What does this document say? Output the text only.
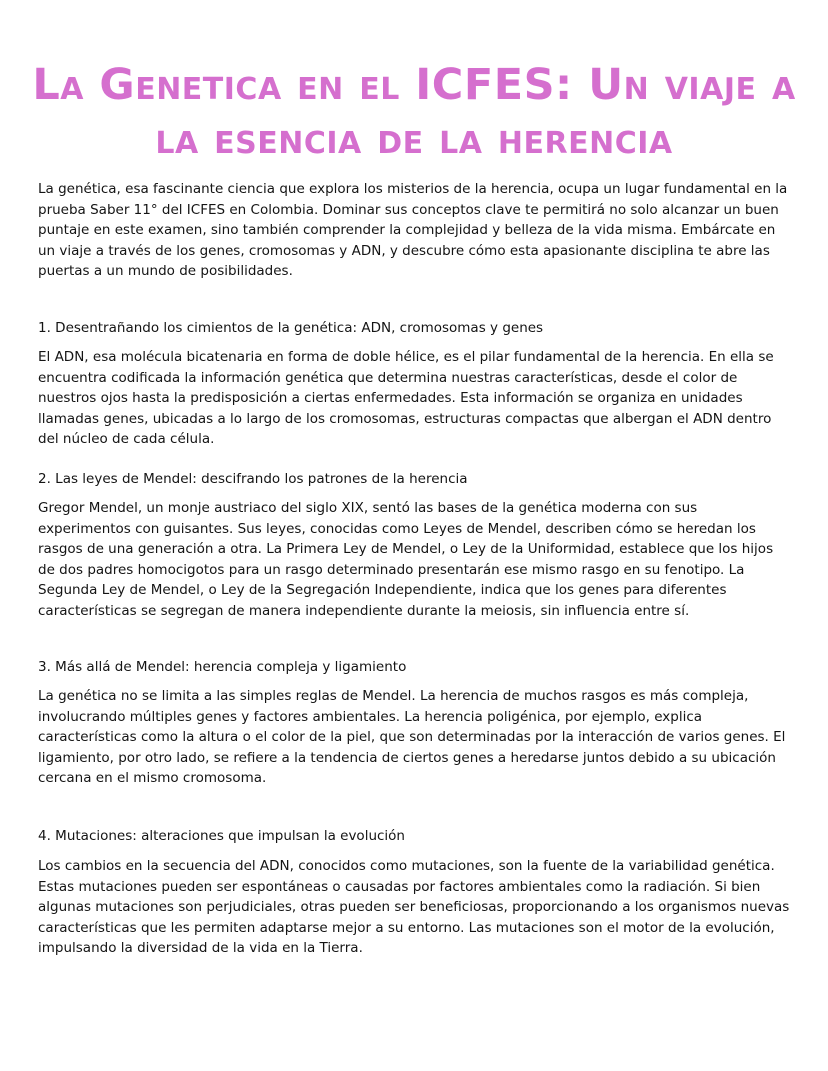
La Genetica en el ICFES: Un viaje a la esencia de la herencia

La genética, esa fascinante ciencia que explora los misterios de la herencia, ocupa un lugar fundamental en la prueba Saber 11° del ICFES en Colombia. Dominar sus conceptos clave te permitirá no solo alcanzar un buen puntaje en este examen, sino también comprender la complejidad y belleza de la vida misma. Embárcate en un viaje a través de los genes, cromosomas y ADN, y descubre cómo esta apasionante disciplina te abre las puertas a un mundo de posibilidades.

1. Desentrañando los cimientos de la genética: ADN, cromosomas y genes

El ADN, esa molécula bicatenaria en forma de doble hélice, es el pilar fundamental de la herencia. En ella se encuentra codificada la información genética que determina nuestras características, desde el color de nuestros ojos hasta la predisposición a ciertas enfermedades. Esta información se organiza en unidades llamadas genes, ubicadas a lo largo de los cromosomas, estructuras compactas que albergan el ADN dentro del núcleo de cada célula.

2. Las leyes de Mendel: descifrando los patrones de la herencia

Gregor Mendel, un monje austriaco del siglo XIX, sentó las bases de la genética moderna con sus experimentos con guisantes. Sus leyes, conocidas como Leyes de Mendel, describen cómo se heredan los rasgos de una generación a otra. La Primera Ley de Mendel, o Ley de la Uniformidad, establece que los hijos de dos padres homocigotos para un rasgo determinado presentarán ese mismo rasgo en su fenotipo. La Segunda Ley de Mendel, o Ley de la Segregación Independiente, indica que los genes para diferentes características se segregan de manera independiente durante la meiosis, sin influencia entre sí.

3. Más allá de Mendel: herencia compleja y ligamiento

La genética no se limita a las simples reglas de Mendel. La herencia de muchos rasgos es más compleja, involucrando múltiples genes y factores ambientales. La herencia poligénica, por ejemplo, explica características como la altura o el color de la piel, que son determinadas por la interacción de varios genes. El ligamiento, por otro lado, se refiere a la tendencia de ciertos genes a heredarse juntos debido a su ubicación cercana en el mismo cromosoma.

4. Mutaciones: alteraciones que impulsan la evolución

Los cambios en la secuencia del ADN, conocidos como mutaciones, son la fuente de la variabilidad genética. Estas mutaciones pueden ser espontáneas o causadas por factores ambientales como la radiación. Si bien algunas mutaciones son perjudiciales, otras pueden ser beneficiosas, proporcionando a los organismos nuevas características que les permiten adaptarse mejor a su entorno. Las mutaciones son el motor de la evolución, impulsando la diversidad de la vida en la Tierra.
